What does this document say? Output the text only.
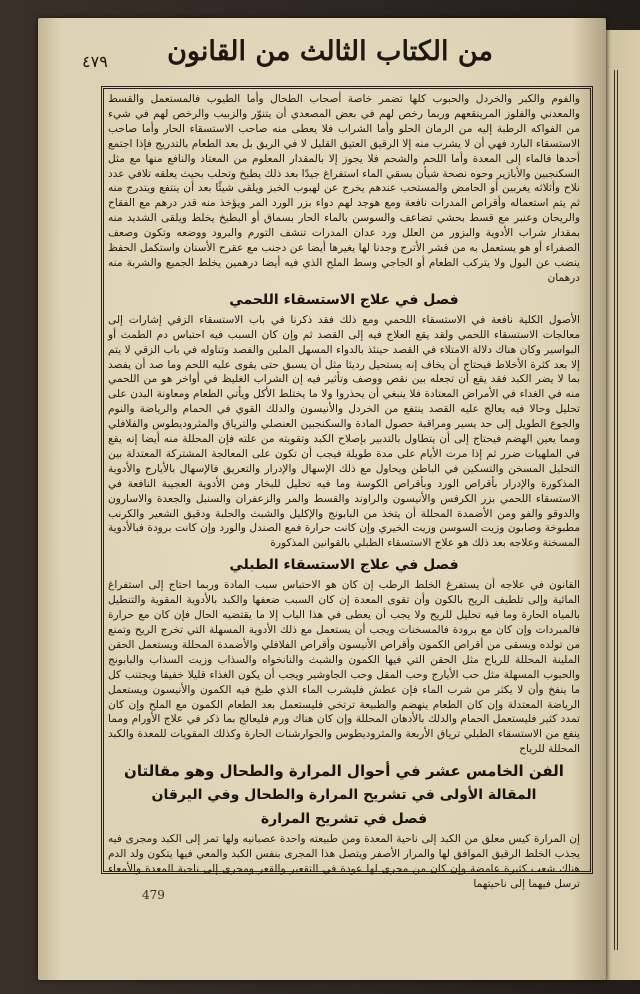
من الكتاب الثالث من القانون
٤٧٩

والفوم والكبر والخردل والحبوب كلها تضمر خاصة أصحاب الطحال وأما الطيوب فالمستعمل والقسط والمعدني والفلوز المرينقعهم وربما رخص لهم في بعض المصعدي أن يتنوّر والزبيب والرخص لهم في شيء من الفواكه الرطبة إليه من الرمان الحلو وأما الشراب فلا يعطى منه صاحب الاستسقاء الحار وأما صاحب الاستسقاء البارد فهي أن لا يشرب منه إلا الرقيق العتيق القليل لا في الريق بل بعد الطعام بالتدريج فإذا اجتمع أحدها فالماء إلى المعدة وأما اللحم والشحم فلا يجوز إلا بالمقدار المعلوم من المعتاد والنافع منها مع مثل السكنجبين والأبازير وحوه نصحة شيأن بسقي الماء استفراغ جيدًا بعد ذلك يطبخ وتحلب بحيث يعلقه تلافي عدد نلاح وأثلاثه يغربين أو الحامض والمستحب عندهم يخرج عن لهبوب الخبز ويلقى شيئًا بعد أن ينتفع ويتدرج منه ثم يتم استعماله وأقراص المدرات نافعة ومع هوجد لهم دواء بزر الورد المر ويؤخذ منه قدر درهم مع الفقاح والريحان وعنبر مع قسط بحشي تضاعف والسوسن بالماء الحار بسماق أو البطيخ يخلط ويلقى الشديد منه بمقدار شراب الأدوية والبزور من العلل ورد عدان المدرات تنشف التورم والبرود ووضعه وتكون وصعف الصفراء أو هو يستعمل به من قشر الأترج وجدنا لها يغيرها أيضا عن دجنب مع عقرح الأسنان واستكمل الحفظ ينضب عن البول ولا يتركب الطعام أو الجاجي وسط الملح الذي فيه أيضا درهمين يخلط الجميع والشربة منه درهمان

فصل في علاج الاستسقاء اللحمي

الأصول الكلية نافعة في الاستسقاء اللحمي ومع ذلك فقد ذكرنا في باب الاستسقاء الزقي إشارات إلى معالجات الاستسقاء اللحمي ولقد يقع العلاج فيه إلى القصد ثم وإن كان السبب فيه احتباس دم الطمث أو البواسير وكان هناك دلالة الامتلاء في القصد حينئذ بالدواء المسهل الملين والفصد وتناوله في باب الزقي لا يتم إلا بعد كثرة الأخلاط فيحتاج أن يخاف إنه يستحيل رديئا مثل أن يسبق حتى يقوى عليه اللحم وما صد أن يفصد بما لا يضر الكبد فقد يقع أن تجعله بين نقص ووصف وتأثير فيه إن الشراب الغليظ في أواخر هو من اللحمي منه في الغداء في الأمراض المعتادة فلا ينبغي أن يحذروا ولا ما يختلط الأكل ويأتي الطعام ومعاونة البدن على تحليل وحالا فيه يعالج عليه القصد ينتفع من الخردل والأنيسون والدلك القوي في الحمام والرياضة والنوم والجوع الطويل إلى حد يسير ومراقبة حصول المادة والسكنجبين العنصلي والترياق والمثروديطوس والفلافلي ومما يعين الهضم فيحتاج إلى أن يتطاول بالتدبير بإصلاح الكبد وتقويته من علته فإن المحللة منه أيضا إنه يقع في الملهيات ضرر ثم إذا مرت الأيام على مدة طويلة فيجب أن تكون على المعالجة المشتركة المعتدلة بين التحليل المسخن والتسكين في الباطن ويحاول مع ذلك الإسهال والإدرار والتعريق فالإسهال بالأيارج والأدوية المذكورة والإدرار بأقراص الورد وبأقراص الكوسة وما فيه تحليل للبخار ومن الأدوية العجيبة النافعة في الاستسقاء اللحمي بزر الكرفس والأنيسون والراوند والقسط والمر والزعفران والسنبل والجعدة والاسارون والدوقو والفو ومن الأضمدة المحللة أن يتخذ من البابونج والإكليل والشبث والحلبة ودقيق الشعير والكرنب مطبوخة وصابون وزيت السوسن وزيت الخيري وإن كانت حرارة فمع الصندل والورد وإن كانت برودة فبالأدوية المسخنة وعلاجه بعد ذلك هو علاج الاستسقاء الطبلي بالقوانين المذكورة

فصل في علاج الاستسقاء الطبلي

القانون في علاجه أن يستفرغ الخلط الرطب إن كان هو الاحتباس سبب المادة وربما احتاج إلى استفراغ المائية وإلى تلطيف الريح بالكون وأن تقوى المعدة إن كان السبب ضعفها والكبد بالأدوية المقوية والتنطيل بالمياه الحارة وما فيه تحليل للريح ولا يجب أن يعطى في هذا الباب إلا ما يقتضيه الحال فإن كان مع حرارة فالمبردات وإن كان مع برودة فالمسخنات ويجب أن يستعمل مع ذلك الأدوية المسهلة التي تخرج الريح وتمنع من تولده ويسقى من أقراص الكمون وأقراص الأنيسون وأقراص الفلافلي والأضمدة المحللة ويستعمل الحقن الملينة المحللة للرياح مثل الحقن التي فيها الكمون والشبث والنانخواه والسذاب وزيت السذاب والبابونج والحبوب المسهلة مثل حب الأيارج وحب المقل وحب الجاوشير ويجب أن يكون الغذاء قليلا خفيفا ويجتنب كل ما ينفخ وأن لا يكثر من شرب الماء فإن عطش فليشرب الماء الذي طبخ فيه الكمون والأنيسون ويستعمل الرياضة المعتدلة وإن كان الطعام ينهضم والطبيعة ترتخي فليستعمل بعد الطعام الكمون مع الملح وإن كان تمدد كثير فليستعمل الحمام والدلك بالأدهان المحللة وإن كان هناك ورم فليعالج بما ذكر في علاج الأورام ومما ينفع من الاستسقاء الطبلي ترياق الأربعة والمثروديطوس والجوارشنات الحارة وكذلك المقويات للمعدة والكبد المحللة للرياح

الفن الخامس عشر في أحوال المرارة والطحال وهو مقالتان
المقالة الأولى في تشريح المرارة والطحال وفي اليرقان
فصل في تشريح المرارة

إن المرارة كيس معلق من الكبد إلى ناحية المعدة ومن طبيعته واحدة عصبانيه ولها تمر إلى الكبد ومجرى فيه يجذب الخلط الرقيق الموافق لها والمرار الأصفر ويتصل هذا المجرى بنفس الكبد والمعي فيها يتكون ولد الدم هناك شعب كثيرة عامضة وإن كان من مجرى لها عودة في التقعير والقعر ومجرى إلى ناحية المعدة والأمعاء ترسل فيهما إلى ناحيتهما

479
